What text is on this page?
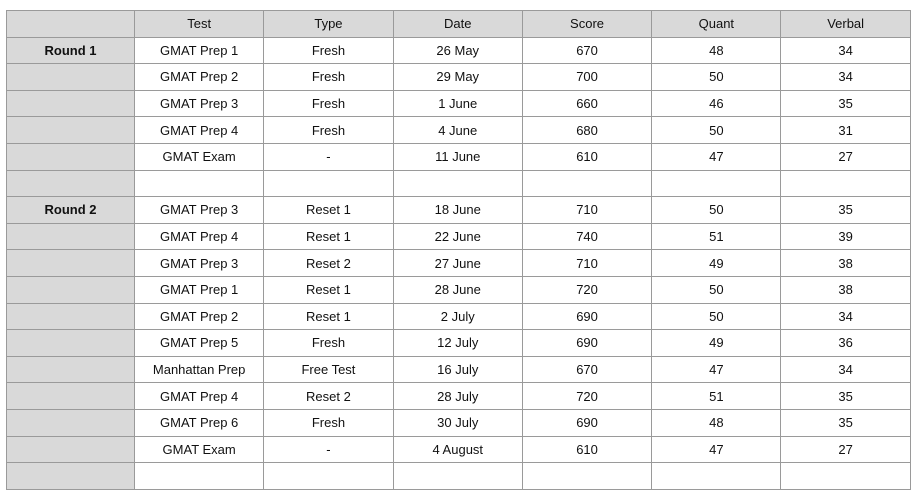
	Test	Type	Date	Score	Quant	Verbal
Round 1	GMAT Prep 1	Fresh	26 May	670	48	34
	GMAT Prep 2	Fresh	29 May	700	50	34
	GMAT Prep 3	Fresh	1 June	660	46	35
	GMAT Prep 4	Fresh	4 June	680	50	31
	GMAT Exam	-	11 June	610	47	27

Round 2	GMAT Prep 3	Reset 1	18 June	710	50	35
	GMAT Prep 4	Reset 1	22 June	740	51	39
	GMAT Prep 3	Reset 2	27 June	710	49	38
	GMAT Prep 1	Reset 1	28 June	720	50	38
	GMAT Prep 2	Reset 1	2 July	690	50	34
	GMAT Prep 5	Fresh	12 July	690	49	36
	Manhattan Prep	Free Test	16 July	670	47	34
	GMAT Prep 4	Reset 2	28 July	720	51	35
	GMAT Prep 6	Fresh	30 July	690	48	35
	GMAT Exam	-	4 August	610	47	27
